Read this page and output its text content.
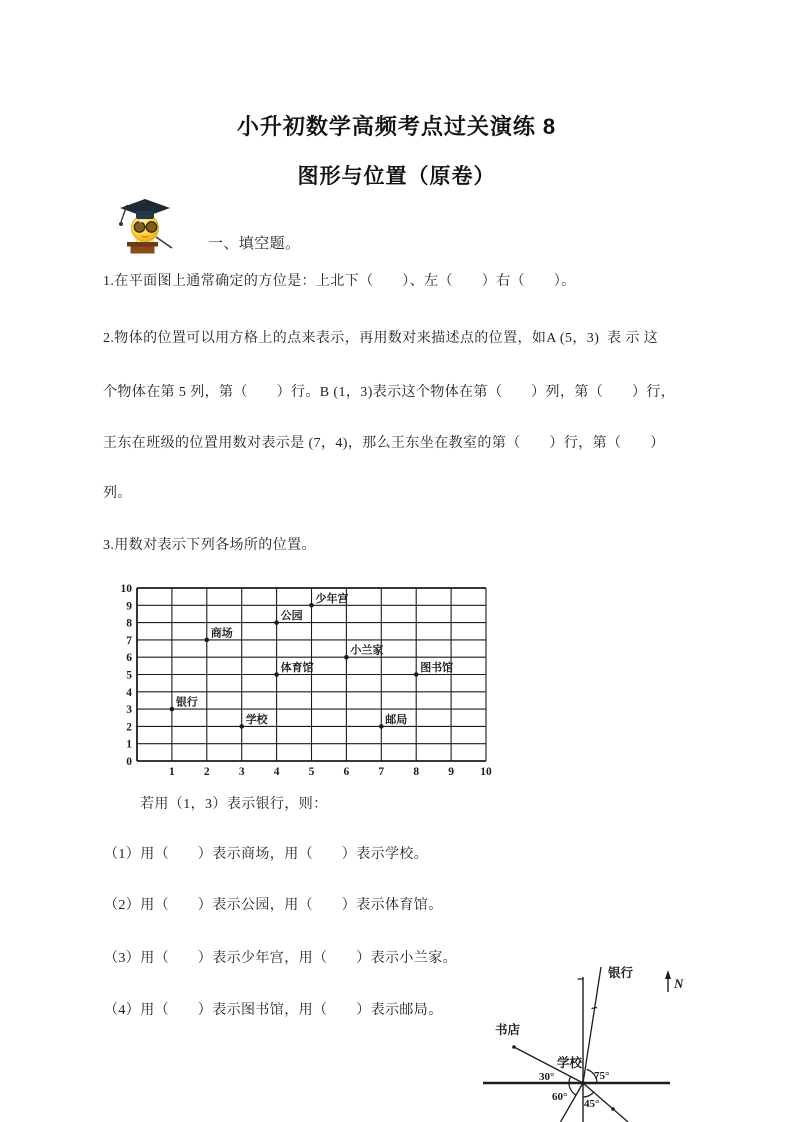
小升初数学高频考点过关演练 8
图形与位置（原卷）
一、填空题。
1.在平面图上通常确定的方位是：上北下（　　）、左（　　）右（　　）。
2.物体的位置可以用方格上的点来表示，再用数对来描述点的位置，如A (5，3)  表 示 这
个物体在第 5 列，第（　　）行。B (1，3)表示这个物体在第（　　）列，第（　　）行，
王东在班级的位置用数对表示是 (7，4)，那么王东坐在教室的第（　　）行，第（　　）
列。
3.用数对表示下列各场所的位置。
0
1
2
3
4
5
6
7
8
9
10
1	2	3	4	5	6	7	8	9 10
少年宫
公园
商场
小兰家
体育馆	图书馆
银行
学校	邮局
若用（1，3）表示银行，则：
（1）用（　　）表示商场，用（　　）表示学校。
（2）用（　　）表示公园，用（　　）表示体育馆。
（3）用（　　）表示少年宫，用（　　）表示小兰家。
（4）用（　　）表示图书馆，用（　　）表示邮局。
银行
书店
学校
N
30°	75°
60°
45°
